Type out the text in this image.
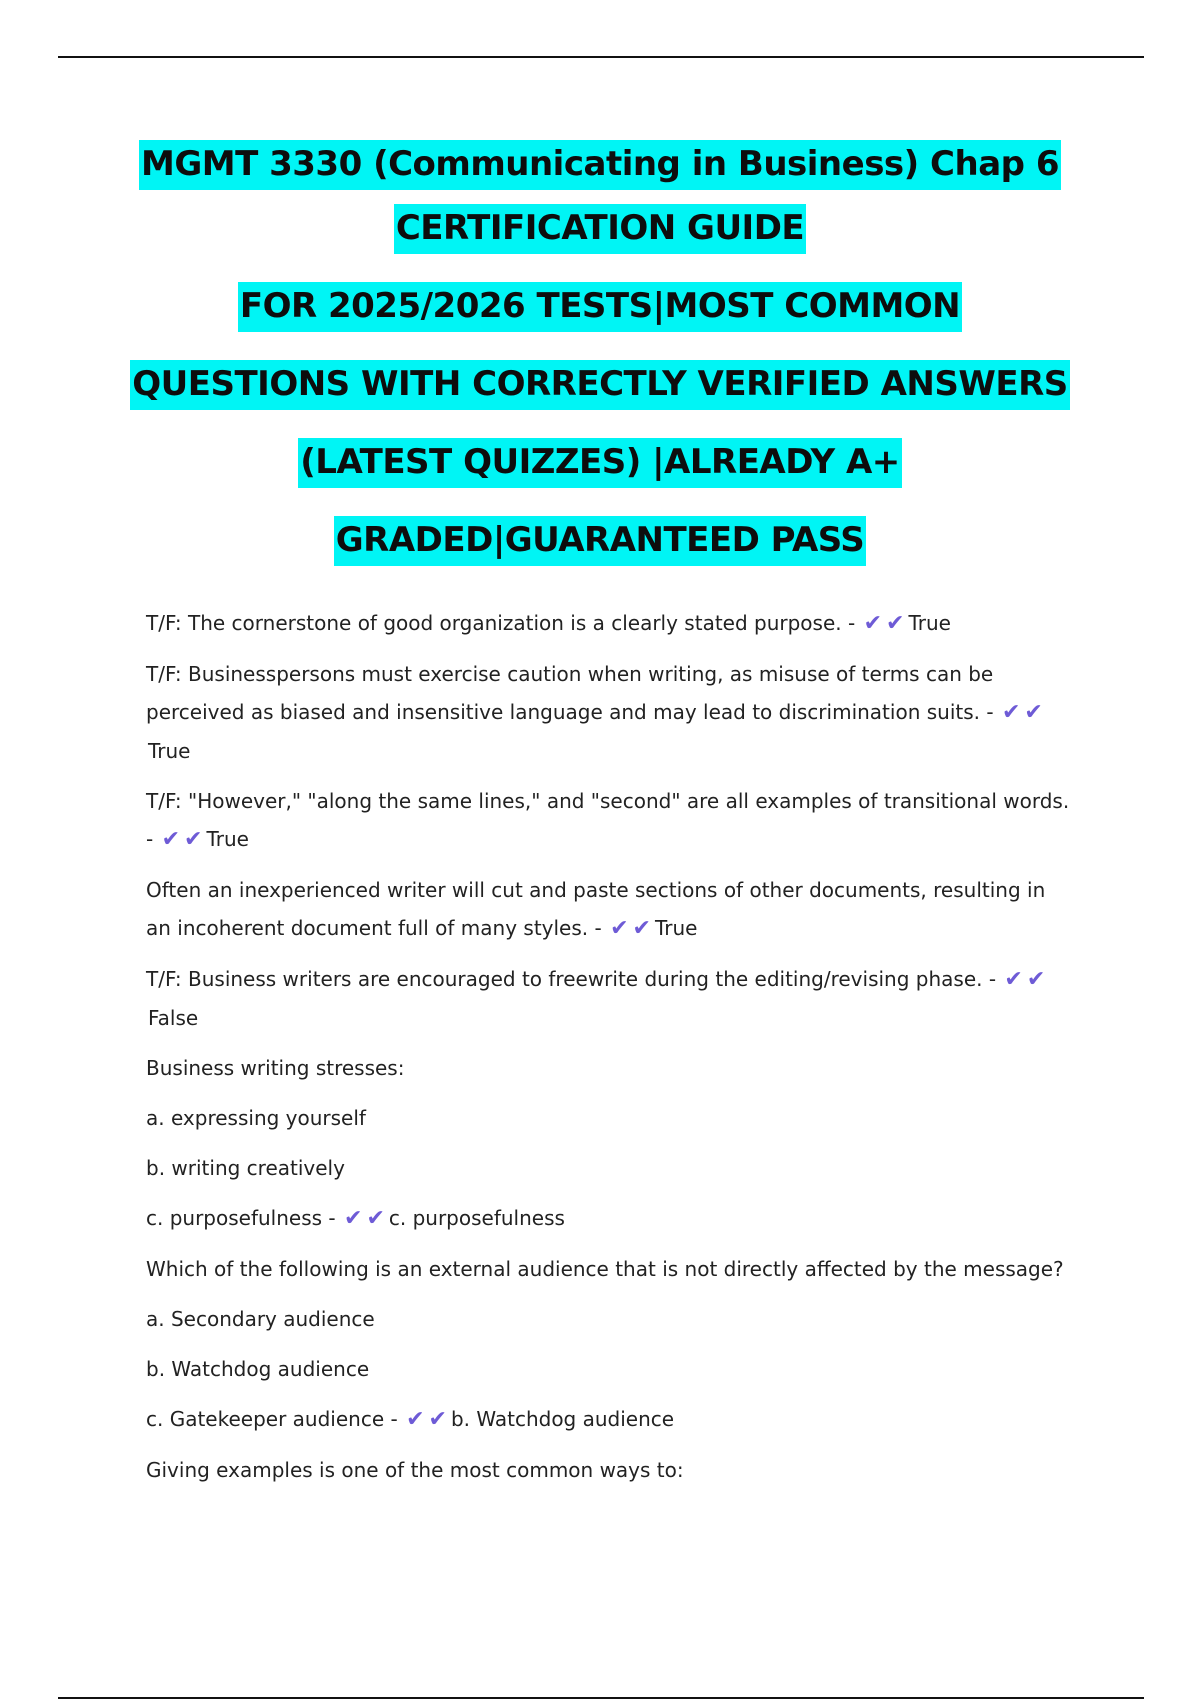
MGMT 3330 (Communicating in Business) Chap 6
CERTIFICATION GUIDE
FOR 2025/2026 TESTS|MOST COMMON
QUESTIONS WITH CORRECTLY VERIFIED ANSWERS
(LATEST QUIZZES) |ALREADY A+
GRADED|GUARANTEED PASS

T/F: The cornerstone of good organization is a clearly stated purpose. - ✔ ✔ True

T/F: Businesspersons must exercise caution when writing, as misuse of terms can be perceived as biased and insensitive language and may lead to discrimination suits. - ✔ ✔True

T/F: "However," "along the same lines," and "second" are all examples of transitional words. - ✔ ✔ True

Often an inexperienced writer will cut and paste sections of other documents, resulting in an incoherent document full of many styles. - ✔ ✔ True

T/F: Business writers are encouraged to freewrite during the editing/revising phase. - ✔ ✔False

Business writing stresses:

a. expressing yourself

b. writing creatively

c. purposefulness - ✔ ✔ c. purposefulness

Which of the following is an external audience that is not directly affected by the message?

a. Secondary audience

b. Watchdog audience

c. Gatekeeper audience - ✔ ✔ b. Watchdog audience

Giving examples is one of the most common ways to:
